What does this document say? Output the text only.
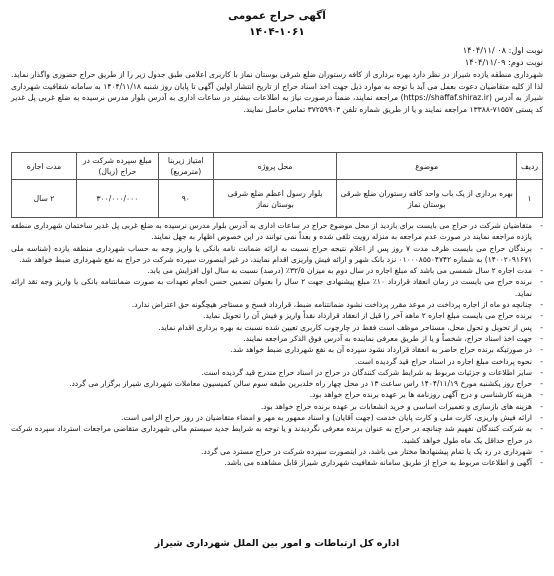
آگهی حراج عمومی
۱۴۰۴-۱۰۶۱
نوبت اول: ۰۸ /۱۴۰۴/۱۱
نوبت دوم: ۱۴۰۴/۱۱/۰۹

شهرداری منطقه یازده شیراز در نظر دارد بهره برداری از کافه رستوران ضلع شرقی بوستان نماز با کاربری اعلامی طبق جدول زیر را از طریق حراج حضوری واگذار نماید. لذا از کلیه متقاضیان دعوت بعمل می آید با توجه به موارد ذیل جهت اخذ اسناد حراج از تاریخ انتشار اولین آگهی تا پایان روز شنبه ۱۴۰۴/۱۱/۱۸ به سامانه شفافیت شهرداری شیراز به آدرس (https://shaffaf.shiraz.ir) مراجعه نمایند، ضمناً درصورت نیاز به اطلاعات بیشتر در ساعات اداری به آدرس بلوار مدرس نرسیده به ضلع غربی پل غدیر کد پستی ۷۱۵۵۷-۱۳۳۸۸ مراجعه نمایند و یا از طریق شماره تلفن ۳۷۲۵۹۹۰۳ تماس حاصل نمایند.

ردیف	موضوع	محل پروژه	امتیاز زیربنا (مترمربع)	مبلغ سپرده شرکت در حراج (ریال)	مدت اجاره
۱	بهره برداری از یک باب واحد کافه رستوران ضلع شرقی بوستان نماز	بلوار رسول اعظم ضلع شرقی بوستان نماز	۹۰	۳۰۰/۰۰۰/۰۰۰	۲ سال
-
متقاضیان شرکت در حراج می بایست برای بازدید از محل موضوع حراج در ساعات اداری به آدرس بلوار مدرس نرسیده به ضلع غربی پل غدیر ساختمان شهرداری منطقه یازده مراجعه نمایند در صورت عدم مراجعه به منزله رویت تلقی شده و بعداً نمی توانند در این خصوص اظهار به جهل نمایند.
-
برندگان حراج می بایست ظرف مدت ۷ روز پس از اعلام نتیجه حراج نسبت به ارائه ضمانت نامه بانکی یا واریز وجه به حساب شهرداری منطقه یازده (شناسه ملی ۱۴۰۰۲۰۹۱۶۷۱) به شماره ۰۱۰۰۰۸۵۵۰۴۷۴۲ نزد بانک شهر و ارائه فیش واریزی اقدام نمایند، در غیر اینصورت سپرده شرکت در حراج به نفع شهرداری ضبط خواهد شد.
-
مدت اجاره ۲ سال شمسی می باشد که مبلغ اجاره در سال دوم به میزان ۳۲/۵٪ (درصد) نسبت به سال اول افزایش می یابد.
-
برنده حراج می بایست در زمان انعقاد قرارداد ۱۰٪ مبلغ پیشنهادی جهت ۲ سال را بعنوان تضمین حسن انجام تعهدات به صورت ضمانتنامه بانکی یا واریز وجه نقد ارائه نماید.
-
چنانچه دو ماه از اجاره پرداخت در موعد مقرر پرداخت نشود ضمانتنامه ضبط، قرارداد فسخ و مستاجر هیچگونه حق اعتراض ندارد.
-
برنده حراج می بایست مبلغ اجاره ۲ ماهه آخر را قبل از انعقاد قرارداد نقداً واریز و فیش آن را تحویل نماید.
-
پس از تحویل و تحول محل، مستاجر موظف است فقط در چارچوب کاربری تعیین شده نسبت به بهره برداری اقدام نماید.
-
جهت اخذ اسناد حراج، شخصاً و یا از طریق معرفی نماینده به آدرس فوق الذکر مراجعه نمایند.
-
در صورتیکه برنده حراج حاضر به انعقاد قرارداد نشود سپرده آن به نفع شهرداری ضبط خواهد شد.
-
نحوه پرداخت مبلغ اجاره در اسناد حراج قید گردیده است.
-
سایر اطلاعات و جزئیات مربوط به شرایط شرکت کنندگان در حراج در اسناد حراج مندرج قید گردیده است.
-
حراج روز یکشنبه مورخ ۱۴۰۴/۱۱/۱۹ راس ساعت ۱۳ در محل چهار راه خلدبرین طبقه سوم سالن کمیسیون معاملات شهرداری شیراز برگزار می گردد.
-
هزینه کارشناسی و درج آگهی روزنامه ها بر عهده برنده حراج خواهد بود.
-
هزینه های بازسازی و تعمیرات اساسی و خرید انشعابات بر عهده برنده حراج خواهد بود.
-
ارائه فیش واریزی، کارت ملی و کارت پایان خدمت (جهت آقایان) و اسناد ممهور به مهر و امضاء متقاضیان در روز حراج الزامی است.
-
به شرکت کنندگان تفهیم شد چنانچه در حراج به عنوان برنده معرفی نگردیدند و یا توجه به شرایط جدید سیستم مالی شهرداری متقاضی مراجعات استرداد سپرده شرکت در حراج حداقل یک ماه طول خواهد کشید.
-
شهرداری در رد یک یا تمام پیشنهادها مختار می باشد، در اینصورت سپرده شرکت در حراج مسترد می گردد.
-
آگهی و اطلاعات مربوط به حراج از طریق سامانه شفافیت شهرداری شیراز قابل مشاهده می باشد.
اداره کل ارتباطات و امور بین الملل شهرداری شیراز
